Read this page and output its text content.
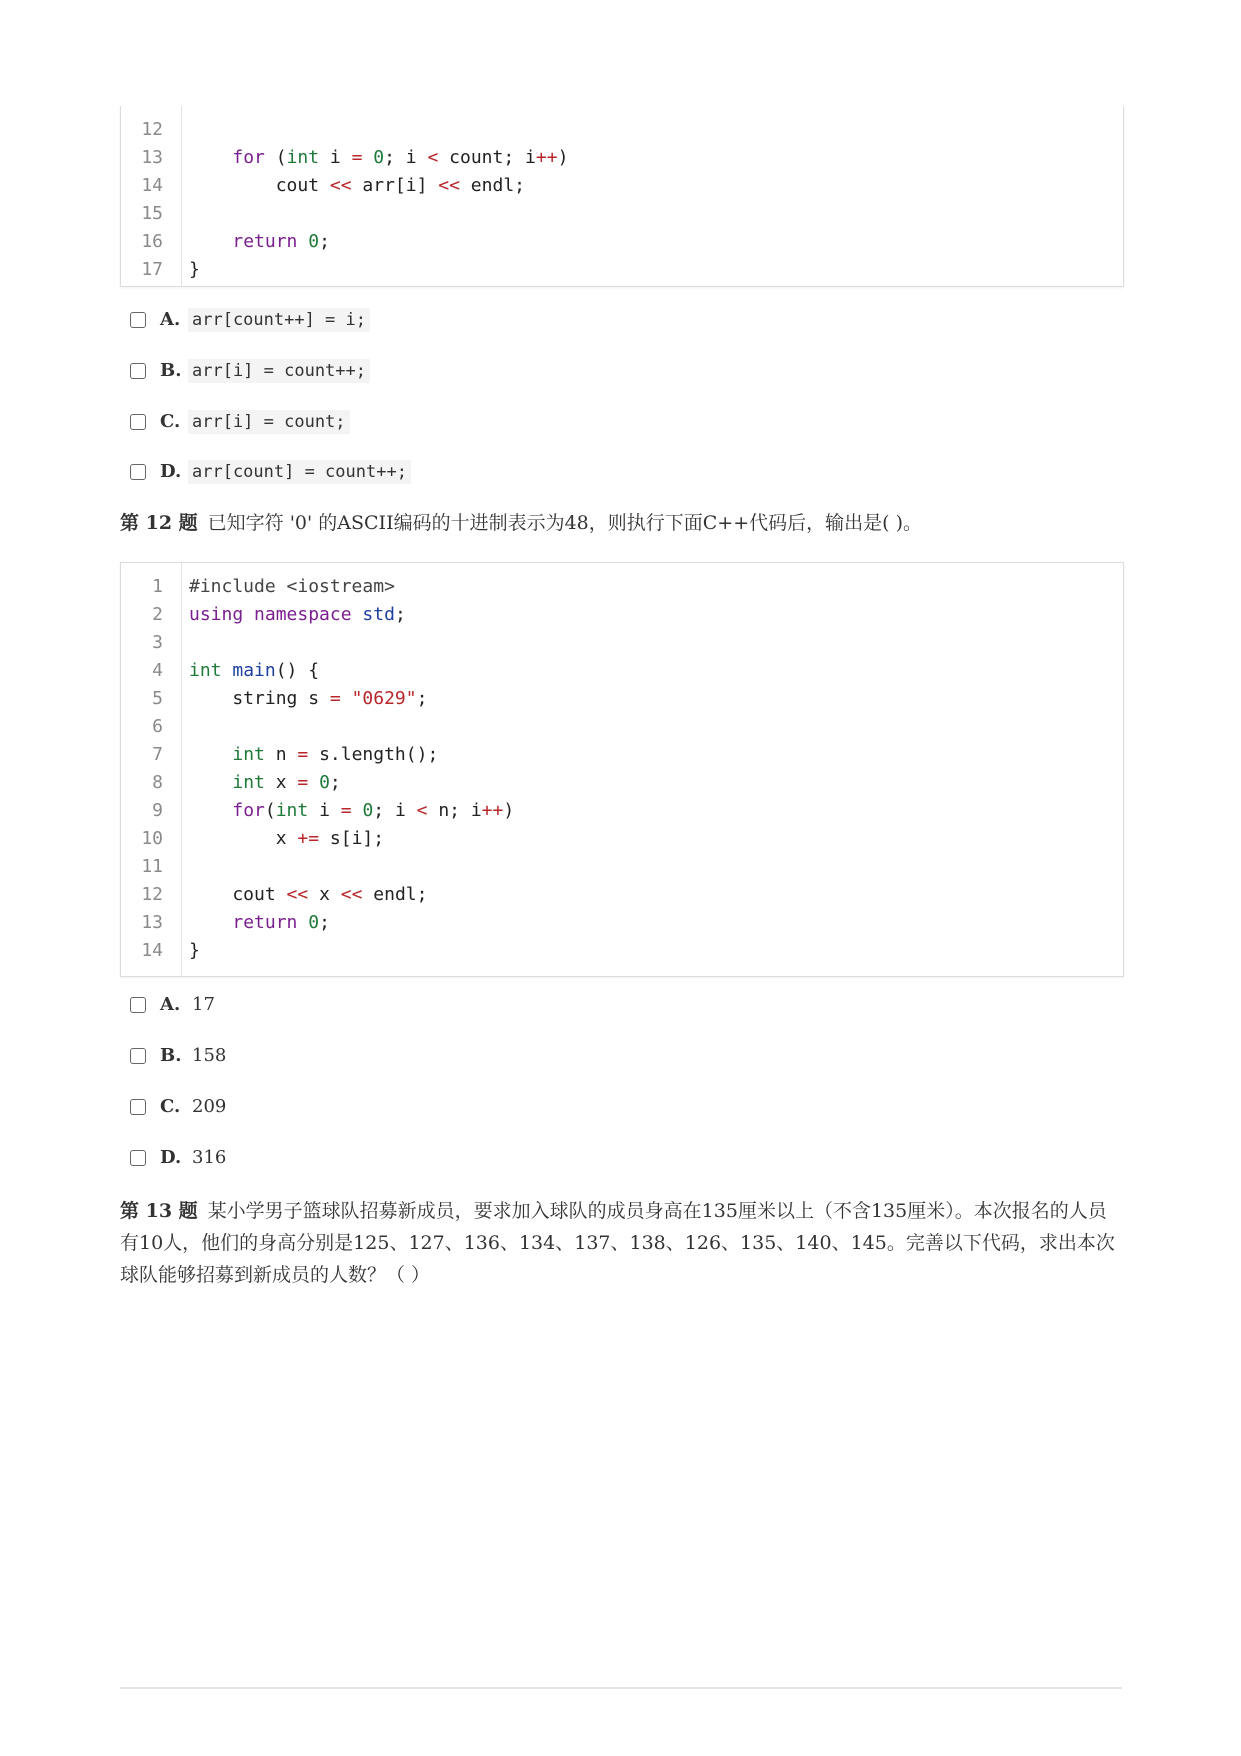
12
13	for (int i = 0; i < count; i++)
14 cout << arr[i] << endl;
15
16	return 0;
17 }
A. arr[count++] = i;
B. arr[i] = count++;
C. arr[i] = count;
D. arr[count] = count++;
第 12 题 已知字符 '0' 的ASCII编码的十进制表示为48，则执行下面C++代码后，输出是( )。
1 #include <iostream>
2 using namespace std;
3
4 int main() {
5 string s = "0629";
6
7	int n = s.length();
8	int x = 0;
9	for(int i = 0; i < n; i++)
10 x += s[i];
11
12 cout << x << endl;
13	return 0;
14 }
A. 17
B. 158
C. 209
D. 316
第 13 题 某小学男子篮球队招募新成员，要求加入球队的成员身高在135厘米以上（不含135厘米）。本次报名的人员有10人，他们的身高分别是125、127、136、134、137、138、126、135、140、145。完善以下代码，求出本次球队能够招募到新成员的人数？（ ）
